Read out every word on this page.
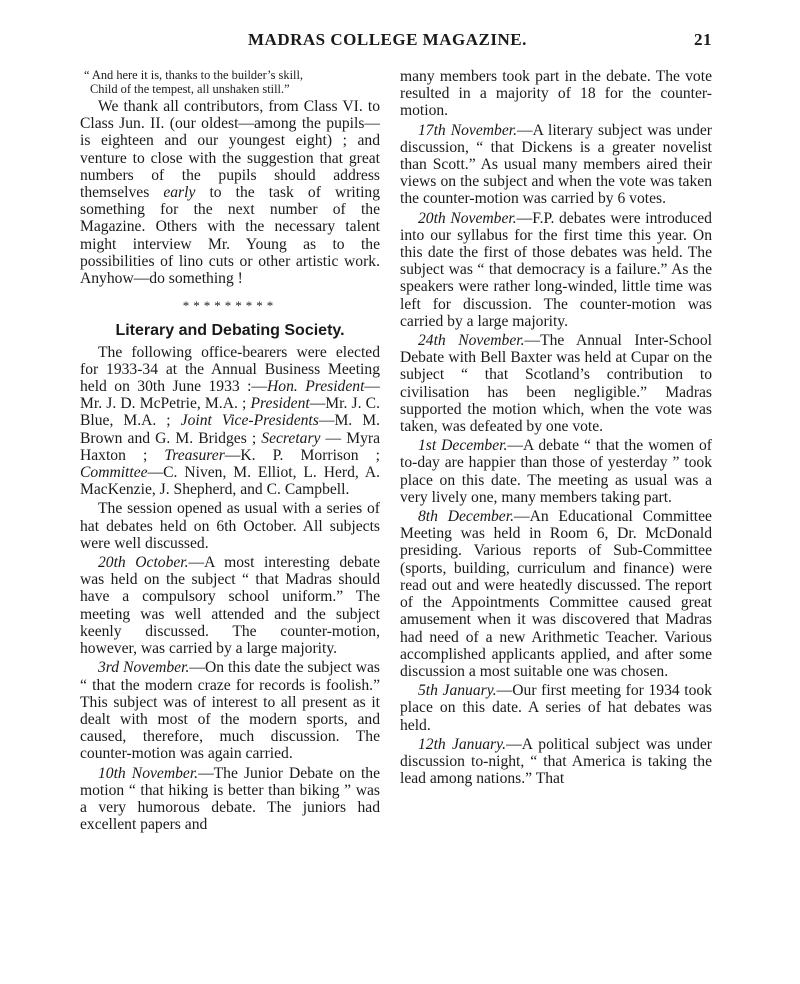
MADRAS COLLEGE MAGAZINE.	21
“ And here it is, thanks to the builder’s skill,
Child of the tempest, all unshaken still.”

We thank all contributors, from Class VI. to Class Jun. II. (our oldest—among the pupils—is eighteen and our youngest eight) ; and venture to close with the suggestion that great numbers of the pupils should address themselves early to the task of writing something for the next number of the Magazine. Others with the necessary talent might interview Mr. Young as to the possibilities of lino cuts or other artistic work. Anyhow—do something !

*********
Literary and Debating Society.

The following office-bearers were elected for 1933-34 at the Annual Business Meeting held on 30th June 1933 :—Hon. President—Mr. J. D. McPetrie, M.A. ; President—Mr. J. C. Blue, M.A. ; Joint Vice-Presidents—M. M. Brown and G. M. Bridges ; Secretary — Myra Haxton ; Treasurer—K. P. Morrison ; Committee—C. Niven, M. Elliot, L. Herd, A. MacKenzie, J. Shepherd, and C. Campbell.

The session opened as usual with a series of hat debates held on 6th October. All subjects were well discussed.

20th October.—A most interesting debate was held on the subject “ that Madras should have a compulsory school uniform.” The meeting was well attended and the subject keenly discussed. The counter-motion, however, was carried by a large majority.

3rd November.—On this date the subject was “ that the modern craze for records is foolish.” This subject was of interest to all present as it dealt with most of the modern sports, and caused, therefore, much discussion. The counter-motion was again carried.

10th November.—The Junior Debate on the motion “ that hiking is better than biking ” was a very humorous debate. The juniors had excellent papers and

many members took part in the debate. The vote resulted in a majority of 18 for the counter-motion.

17th November.—A literary subject was under discussion, “ that Dickens is a greater novelist than Scott.” As usual many members aired their views on the subject and when the vote was taken the counter-motion was carried by 6 votes.

20th November.—F.P. debates were introduced into our syllabus for the first time this year. On this date the first of those debates was held. The subject was “ that democracy is a failure.” As the speakers were rather long-winded, little time was left for discussion. The counter-motion was carried by a large majority.

24th November.—The Annual Inter-School Debate with Bell Baxter was held at Cupar on the subject “ that Scotland’s contribution to civilisation has been negligible.” Madras supported the motion which, when the vote was taken, was defeated by one vote.

1st December.—A debate “ that the women of to-day are happier than those of yesterday ” took place on this date. The meeting as usual was a very lively one, many members taking part.

8th December.—An Educational Committee Meeting was held in Room 6, Dr. McDonald presiding. Various reports of Sub-Committee (sports, building, curriculum and finance) were read out and were heatedly discussed. The report of the Appointments Committee caused great amusement when it was discovered that Madras had need of a new Arithmetic Teacher. Various accomplished applicants applied, and after some discussion a most suitable one was chosen.

5th January.—Our first meeting for 1934 took place on this date. A series of hat debates was held.

12th January.—A political subject was under discussion to-night, “ that America is taking the lead among nations.” That
